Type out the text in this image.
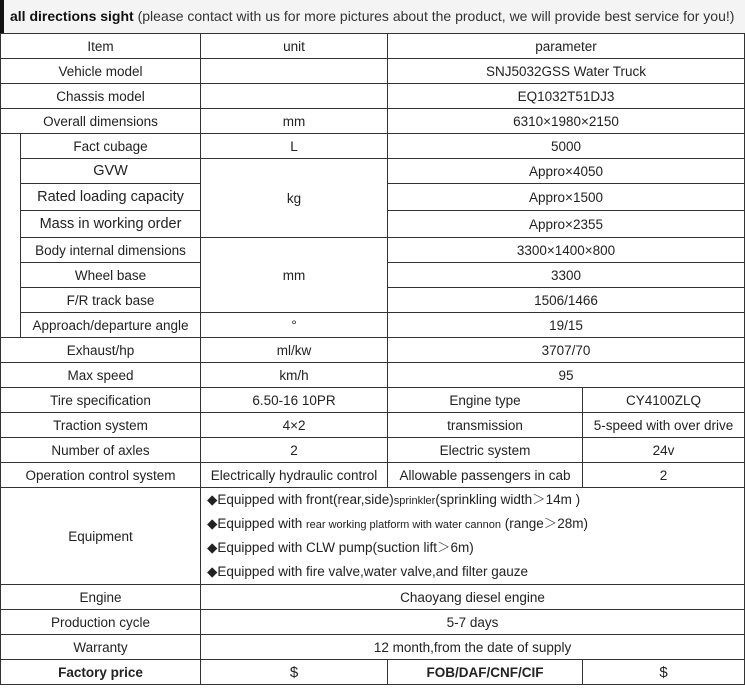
all directions sight (please contact with us for more pictures about the product, we will provide best service for you!)
Item		unit	parameter	
Vehicle model			SNJ5032GSS Water Truck	
Chassis model			EQ1032T51DJ3	
Overall dimensions		mm	6310×1980×2150	
	Fact cubage	L	5000	
	GVW	kg	Appro×4050	
	Rated loading capacity		Appro×1500	
	Mass in working order		Appro×2355	
	Body internal dimensions	mm	3300×1400×800	
	Wheel base		3300	
	F/R track base		1506/1466	
	Approach/departure angle	°	19/15	
Exhaust/hp		ml/kw	3707/70	
Max speed		km/h	95	
Tire specification		6.50-16 10PR	Engine type	CY4100ZLQ
Traction system		4×2	transmission	5-speed with over drive
Number of axles		2	Electric system	24v
Operation control system		Electrically hydraulic control	Allowable passengers in cab	2
Equipment		◆Equipped with front(rear,side)sprinkler(sprinkling width＞14m )
◆Equipped with rear working platform with water cannon (range＞28m)
◆Equipped with CLW pump(suction lift＞6m)
◆Equipped with fire valve,water valve,and filter gauze		

Engine		Chaoyang diesel engine		
Production cycle		5-7 days		
Warranty		12 month,from the date of supply		
Factory price		$	FOB/DAF/CNF/CIF	$
